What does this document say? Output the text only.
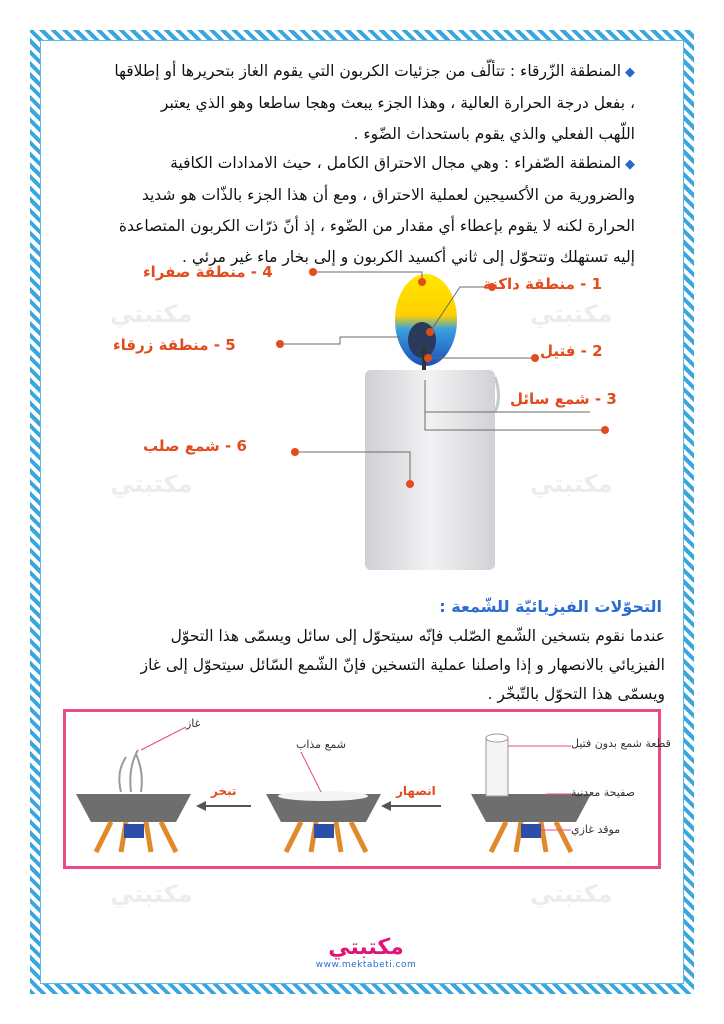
مكتبتي	مكتبتي
مكتبتي	مكتبتي
مكتبتي	مكتبتي
◆المنطقة الزّرقاء : تتألّف من جزئيات الكربون التي يقوم الغاز بتحريرها أو إطلاقها
، بفعل درجة الحرارة العالية ، وهذا الجزء يبعث وهجا ساطعا وهو الذي يعتبر
اللّهب الفعلي والذي يقوم باستحداث الضّوء .
◆المنطقة الصّفراء : وهي مجال الاحتراق الكامل ، حيث الامدادات الكافية
والضرورية من الأكسيجين لعملية الاحتراق ، ومع أن هذا الجزء بالذّات هو شديد
الحرارة لكنه لا يقوم بإعطاء أي مقدار من الضّوء ، إذ أنّ ذرّات الكربون المتصاعدة
إليه تستهلك وتتحوّل إلى ثاني أكسيد الكربون و إلى بخار ماء غير مرئي .
4 - منطقة صفراء
1 - منطقة داكنة
5 - منطقة زرقاء	2 - فتيل
3 - شمع سائل
6 - شمع صلب
التحوّلات الفيزيائيّة للشّمعة :
عندما نقوم بتسخين الشّمع الصّلب فإنّه سيتحوّل إلى سائل ويسمّى هذا التحوّل
الفيزيائي بالانصهار و إذا واصلنا عملية التسخين فإنّ الشّمع السّائل سيتحوّل إلى غاز
ويسمّى هذا التحوّل بالتّبخّر .
قطعة شمع بدون فتيل
صفيحة معدنية
موقد غازي
شمع مذاب
غاز
انصهار
تبخر
مكتبتي
www.mektabeti.com
